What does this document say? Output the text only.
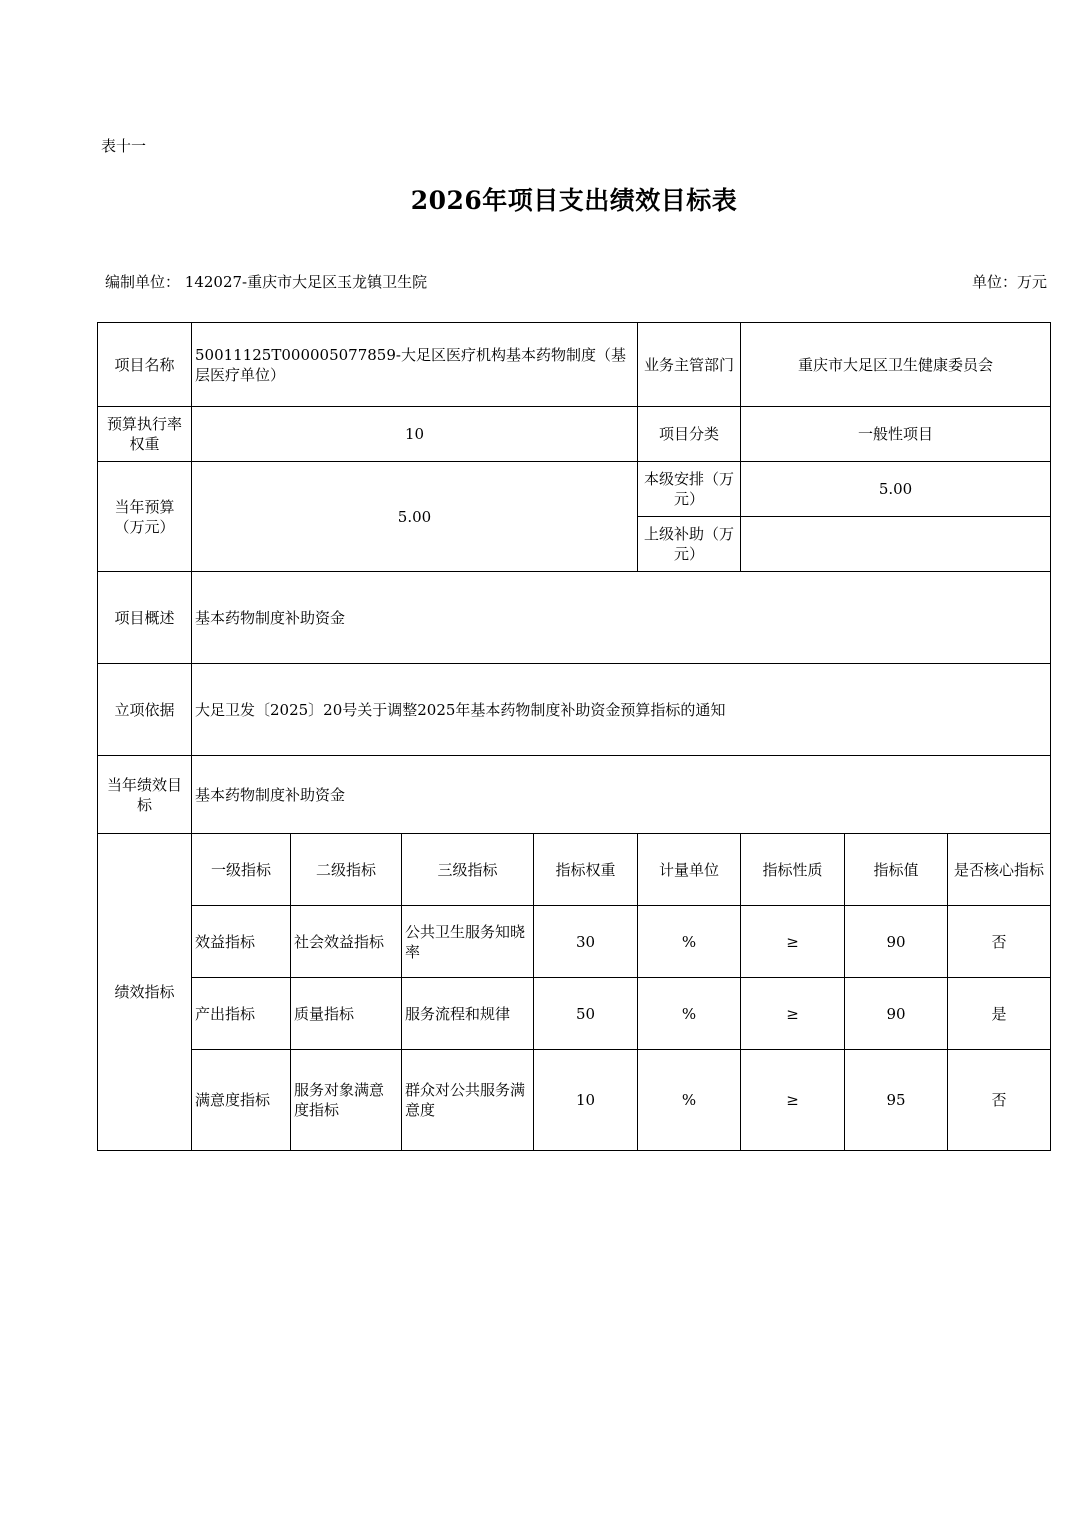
表十一
2026年项目支出绩效目标表
编制单位： 142027-重庆市大足区玉龙镇卫生院	单位：万元
项目名称	50011125T000005077859-大足区医疗机构基本药物制度（基层医疗单位）				业务主管部门	重庆市大足区卫生健康委员会		
预算执行率权重	10				项目分类	一般性项目		
当年预算（万元）	5.00				本级安排（万元）	5.00		
					上级补助（万元）			
项目概述	基本药物制度补助资金							
立项依据	大足卫发〔2025〕20号关于调整2025年基本药物制度补助资金预算指标的通知							
当年绩效目标	基本药物制度补助资金							
绩效指标	一级指标	二级指标	三级指标	指标权重	计量单位	指标性质	指标值	是否核心指标
	效益指标	社会效益指标	公共卫生服务知晓率	30	%	≥	90	否
	产出指标	质量指标	服务流程和规律	50	%	≥	90	是
	满意度指标	服务对象满意度指标	群众对公共服务满意度	10	%	≥	95	否
